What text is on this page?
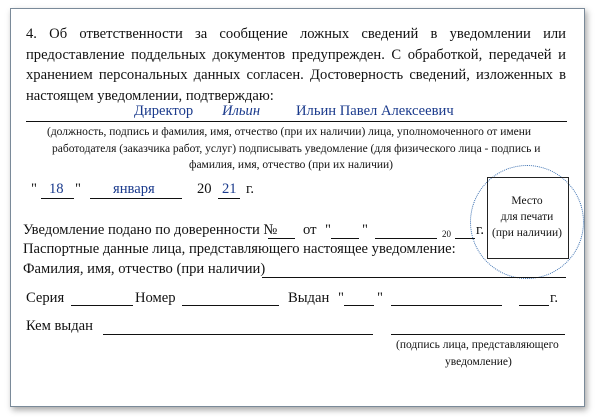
4. Об ответственности за сообщение ложных сведений в уведомлении или
предоставление поддельных документов предупрежден. С обработкой, передачей и
хранением персональных данных согласен. Достоверность сведений, изложенных в
настоящем уведомлении, подтверждаю:
Директор Ильин Ильин Павел Алексеевич
(должность, подпись и фамилия, имя, отчество (при их наличии) лица, уполномоченного от имени
работодателя (заказчика работ, услуг) подписывать уведомление (для физического лица - подпись и
фамилия, имя, отчество (при их наличии)
" 18 " января	20 21 г.
Место
для печати
(при наличии)
Уведомление подано по доверенности № от " "	20 г.
Паспортные данные лица, представляющего настоящее уведомление:
Фамилия, имя, отчество (при наличии)
Серия	Номер	Выдан " "	г.
Кем выдан
(подпись лица, представляющего
уведомление)
